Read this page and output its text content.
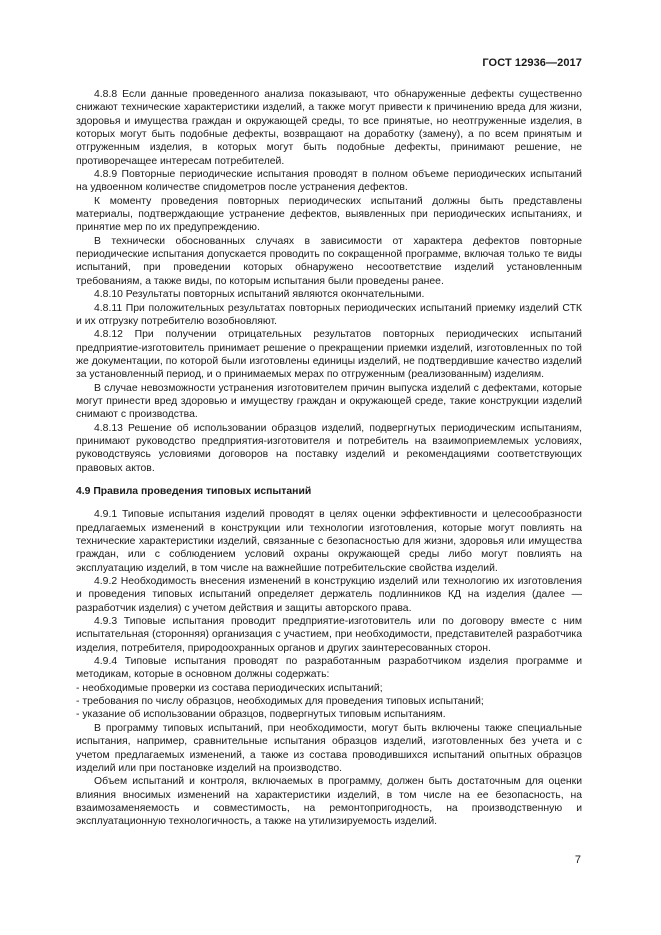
ГОСТ 12936—2017

4.8.8 Если данные проведенного анализа показывают, что обнаруженные дефекты существенно снижают технические характеристики изделий, а также могут привести к причинению вреда для жизни, здоровья и имущества граждан и окружающей среды, то все принятые, но неотгруженные изделия, в которых могут быть подобные дефекты, возвращают на доработку (замену), а по всем принятым и отгруженным изделия, в которых могут быть подобные дефекты, принимают решение, не противоречащее интересам потребителей.

4.8.9 Повторные периодические испытания проводят в полном объеме периодических испытаний на удвоенном количестве спидометров после устранения дефектов.

К моменту проведения повторных периодических испытаний должны быть представлены материалы, подтверждающие устранение дефектов, выявленных при периодических испытаниях, и принятие мер по их предупреждению.

В технически обоснованных случаях в зависимости от характера дефектов повторные периодические испытания допускается проводить по сокращенной программе, включая только те виды испытаний, при проведении которых обнаружено несоответствие изделий установленным требованиям, а также виды, по которым испытания были проведены ранее.

4.8.10 Результаты повторных испытаний являются окончательными.

4.8.11 При положительных результатах повторных периодических испытаний приемку изделий СТК и их отгрузку потребителю возобновляют.

4.8.12 При получении отрицательных результатов повторных периодических испытаний предприятие-изготовитель принимает решение о прекращении приемки изделий, изготовленных по той же документации, по которой были изготовлены единицы изделий, не подтвердившие качество изделий за установленный период, и о принимаемых мерах по отгруженным (реализованным) изделиям.

В случае невозможности устранения изготовителем причин выпуска изделий с дефектами, которые могут принести вред здоровью и имуществу граждан и окружающей среде, такие конструкции изделий снимают с производства.

4.8.13 Решение об использовании образцов изделий, подвергнутых периодическим испытаниям, принимают руководство предприятия-изготовителя и потребитель на взаимоприемлемых условиях, руководствуясь условиями договоров на поставку изделий и рекомендациями соответствующих правовых актов.

4.9 Правила проведения типовых испытаний

4.9.1 Типовые испытания изделий проводят в целях оценки эффективности и целесообразности предлагаемых изменений в конструкции или технологии изготовления, которые могут повлиять на технические характеристики изделий, связанные с безопасностью для жизни, здоровья или имущества граждан, или с соблюдением условий охраны окружающей среды либо могут повлиять на эксплуатацию изделий, в том числе на важнейшие потребительские свойства изделий.

4.9.2 Необходимость внесения изменений в конструкцию изделий или технологию их изготовления и проведения типовых испытаний определяет держатель подлинников КД на изделия (далее — разработчик изделия) с учетом действия и защиты авторского права.

4.9.3 Типовые испытания проводит предприятие-изготовитель или по договору вместе с ним испытательная (сторонняя) организация с участием, при необходимости, представителей разработчика изделия, потребителя, природоохранных органов и других заинтересованных сторон.

4.9.4 Типовые испытания проводят по разработанным разработчиком изделия программе и методикам, которые в основном должны содержать:

- необходимые проверки из состава периодических испытаний;
- требования по числу образцов, необходимых для проведения типовых испытаний;
- указание об использовании образцов, подвергнутых типовым испытаниям.

В программу типовых испытаний, при необходимости, могут быть включены также специальные испытания, например, сравнительные испытания образцов изделий, изготовленных без учета и с учетом предлагаемых изменений, а также из состава проводившихся испытаний опытных образцов изделий или при постановке изделий на производство.

Объем испытаний и контроля, включаемых в программу, должен быть достаточным для оценки влияния вносимых изменений на характеристики изделий, в том числе на ее безопасность, на взаимозаменяемость и совместимость, на ремонтопригодность, на производственную и эксплуатационную технологичность, а также на утилизируемость изделий.

7
